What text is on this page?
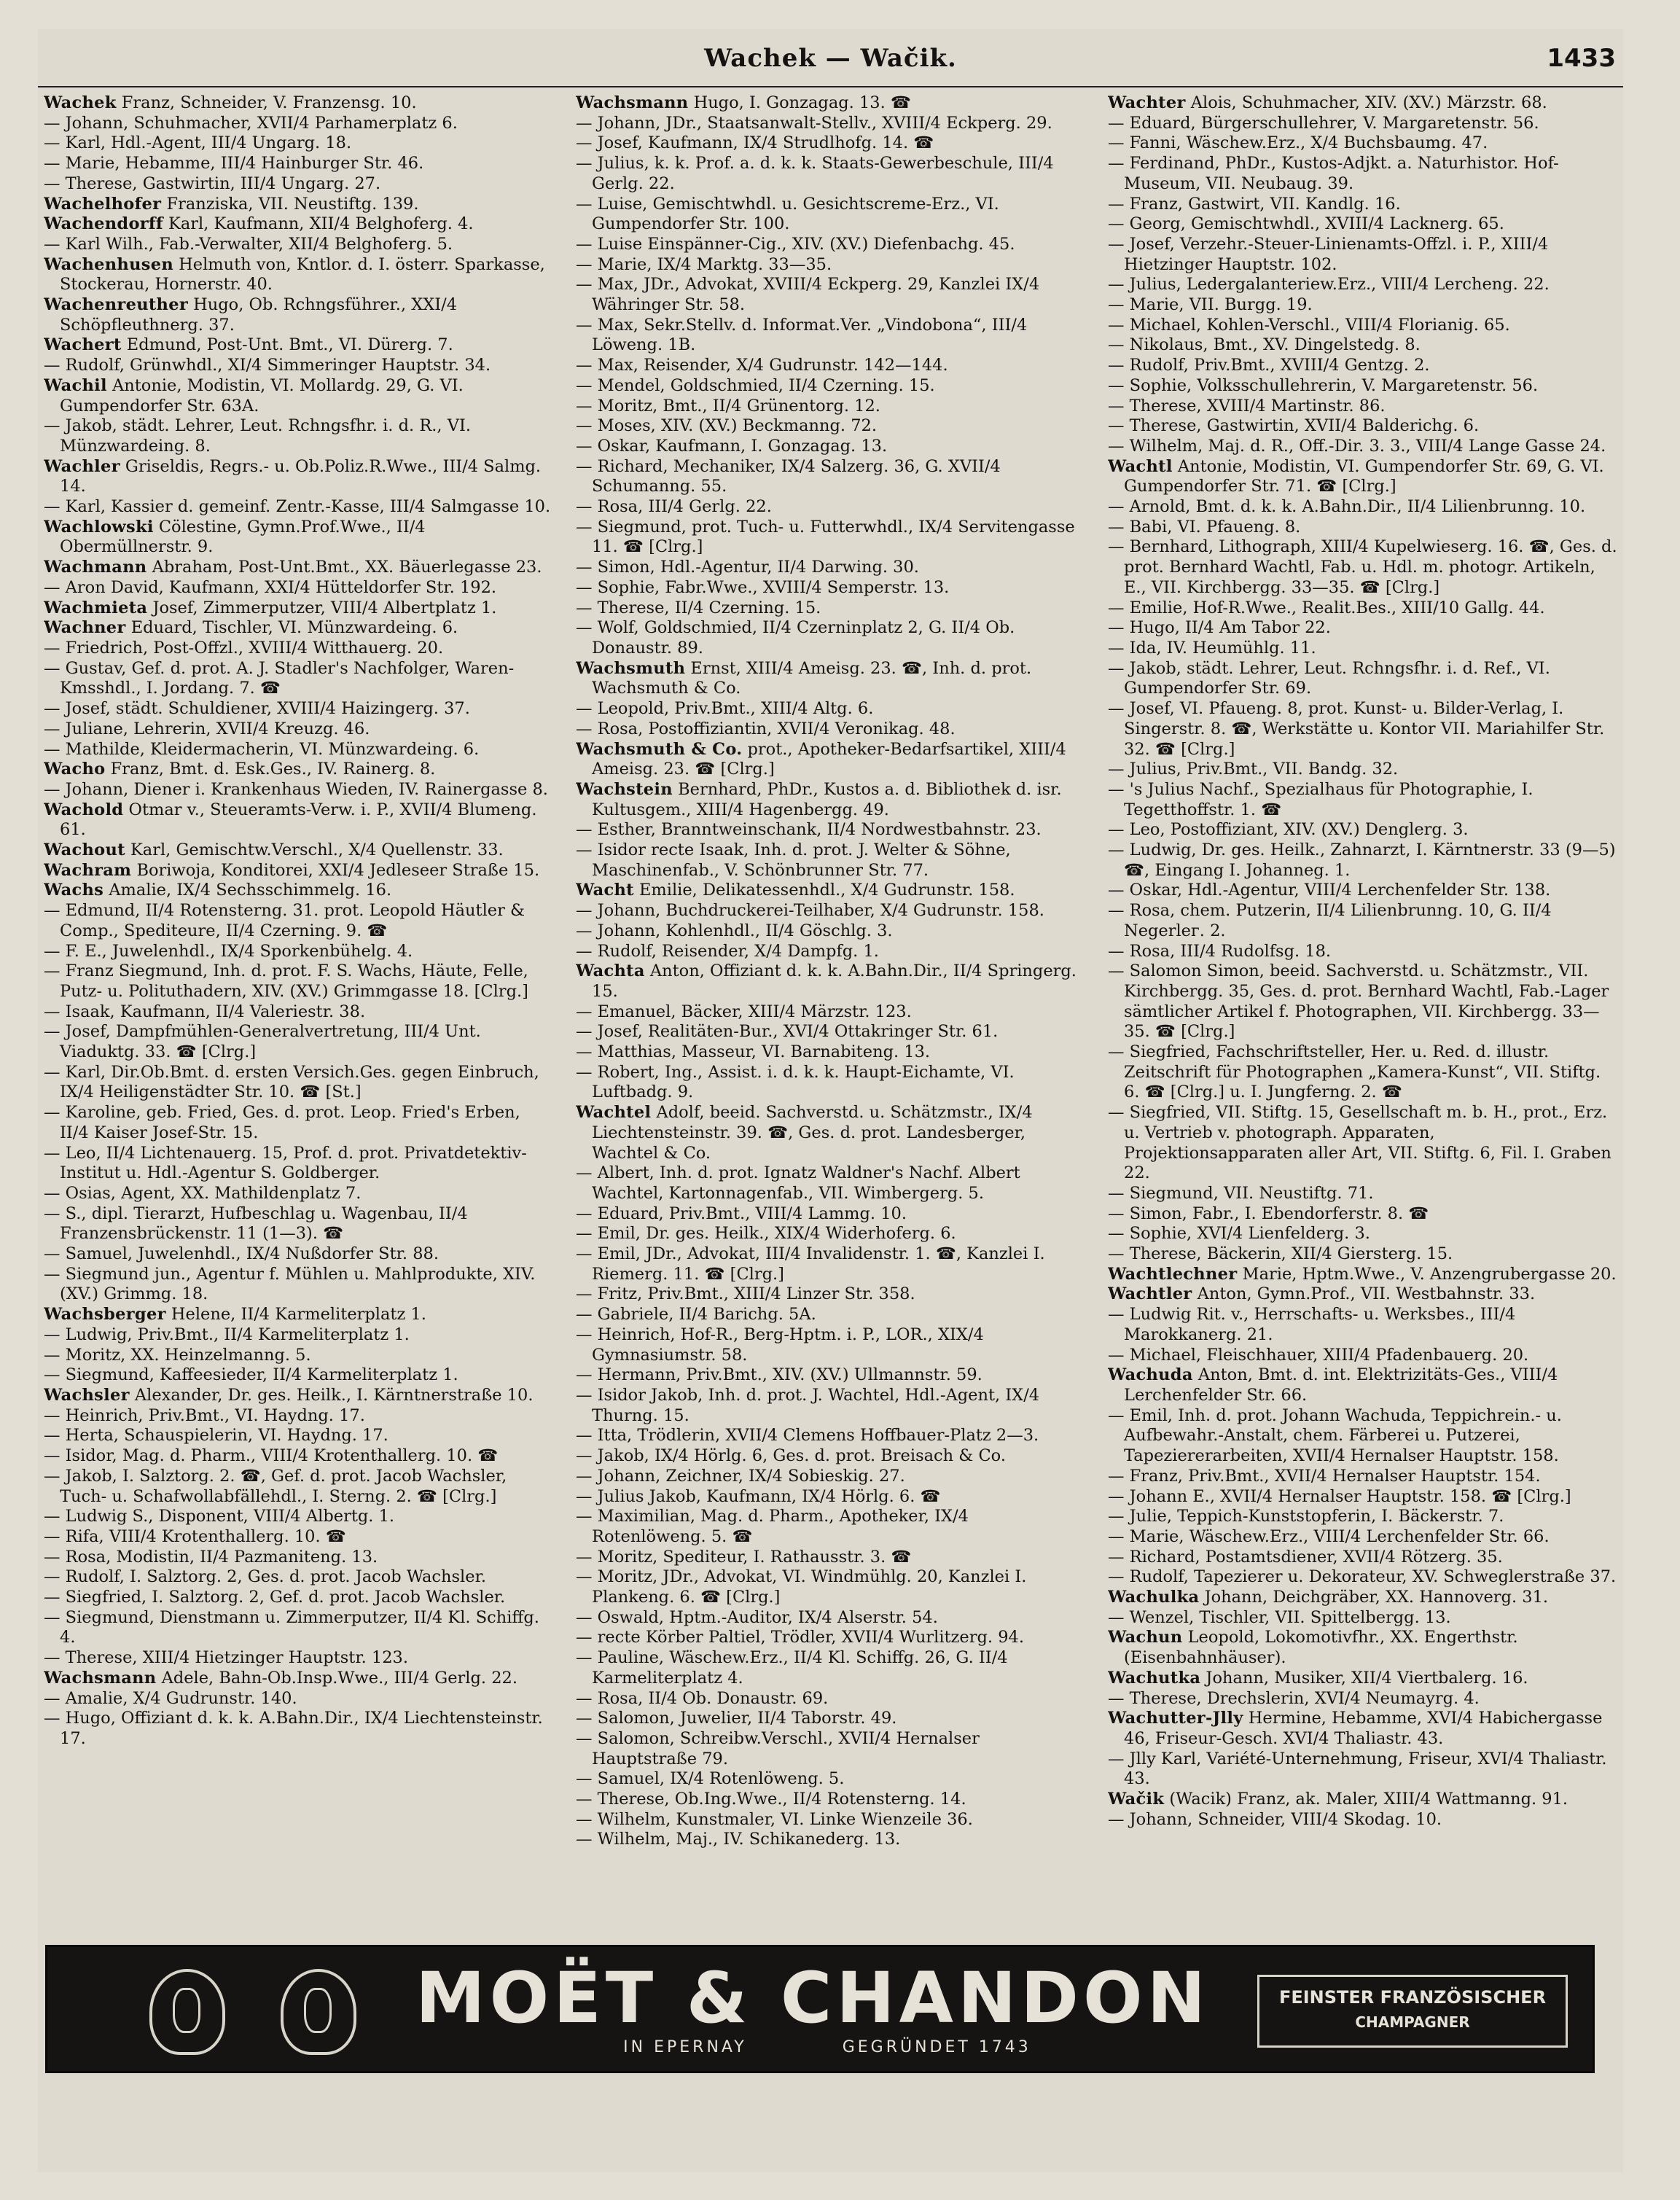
Wachek — Wačik.	1433

Wachek Franz, Schneider, V. Franzensg. 10.

— Johann, Schuhmacher, XVII/4 Parhamerplatz 6.

— Karl, Hdl.-Agent, III/4 Ungarg. 18.

— Marie, Hebamme, III/4 Hainburger Str. 46.

— Therese, Gastwirtin, III/4 Ungarg. 27.

Wachelhofer Franziska, VII. Neustiftg. 139.

Wachendorff Karl, Kaufmann, XII/4 Belghoferg. 4.

— Karl Wilh., Fab.-Verwalter, XII/4 Belghoferg. 5.

Wachenhusen Helmuth von, Kntlor. d. I. österr. Sparkasse, Stockerau, Hornerstr. 40.

Wachenreuther Hugo, Ob. Rchngsführer., XXI/4 Schöpfleuthnerg. 37.

Wachert Edmund, Post-Unt. Bmt., VI. Dürerg. 7.

— Rudolf, Grünwhdl., XI/4 Simmeringer Hauptstr. 34.

Wachil Antonie, Modistin, VI. Mollardg. 29, G. VI. Gumpendorfer Str. 63A.

— Jakob, städt. Lehrer, Leut. Rchngsfhr. i. d. R., VI. Münzwardeing. 8.

Wachler Griseldis, Regrs.- u. Ob.Poliz.R.Wwe., III/4 Salmg. 14.

— Karl, Kassier d. gemeinf. Zentr.-Kasse, III/4 Salmgasse 10.

Wachlowski Cölestine, Gymn.Prof.Wwe., II/4 Obermüllnerstr. 9.

Wachmann Abraham, Post-Unt.Bmt., XX. Bäuerlegasse 23.

— Aron David, Kaufmann, XXI/4 Hütteldorfer Str. 192.

Wachmieta Josef, Zimmerputzer, VIII/4 Albertplatz 1.

Wachner Eduard, Tischler, VI. Münzwardeing. 6.

— Friedrich, Post-Offzl., XVIII/4 Witthauerg. 20.

— Gustav, Gef. d. prot. A. J. Stadler's Nachfolger, Waren-Kmsshdl., I. Jordang. 7. ☎

— Josef, städt. Schuldiener, XVIII/4 Haizingerg. 37.

— Juliane, Lehrerin, XVII/4 Kreuzg. 46.

— Mathilde, Kleidermacherin, VI. Münzwardeing. 6.

Wacho Franz, Bmt. d. Esk.Ges., IV. Rainerg. 8.

— Johann, Diener i. Krankenhaus Wieden, IV. Rainergasse 8.

Wachold Otmar v., Steueramts-Verw. i. P., XVII/4 Blumeng. 61.

Wachout Karl, Gemischtw.Verschl., X/4 Quellenstr. 33.

Wachram Boriwoja, Konditorei, XXI/4 Jedleseer Straße 15.

Wachs Amalie, IX/4 Sechsschimmelg. 16.

— Edmund, II/4 Rotensterng. 31. prot. Leopold Häutler & Comp., Spediteure, II/4 Czerning. 9. ☎

— F. E., Juwelenhdl., IX/4 Sporkenbühelg. 4.

— Franz Siegmund, Inh. d. prot. F. S. Wachs, Häute, Felle, Putz- u. Polituthadern, XIV. (XV.) Grimmgasse 18. [Clrg.]

— Isaak, Kaufmann, II/4 Valeriestr. 38.

— Josef, Dampfmühlen-Generalvertretung, III/4 Unt. Viaduktg. 33. ☎ [Clrg.]

— Karl, Dir.Ob.Bmt. d. ersten Versich.Ges. gegen Einbruch, IX/4 Heiligenstädter Str. 10. ☎ [St.]

— Karoline, geb. Fried, Ges. d. prot. Leop. Fried's Erben, II/4 Kaiser Josef-Str. 15.

— Leo, II/4 Lichtenauerg. 15, Prof. d. prot. Privatdetektiv-Institut u. Hdl.-Agentur S. Goldberger.

— Osias, Agent, XX. Mathildenplatz 7.

— S., dipl. Tierarzt, Hufbeschlag u. Wagenbau, II/4 Franzensbrückenstr. 11 (1—3). ☎

— Samuel, Juwelenhdl., IX/4 Nußdorfer Str. 88.

— Siegmund jun., Agentur f. Mühlen u. Mahlprodukte, XIV. (XV.) Grimmg. 18.

Wachsberger Helene, II/4 Karmeliterplatz 1.

— Ludwig, Priv.Bmt., II/4 Karmeliterplatz 1.

— Moritz, XX. Heinzelmanng. 5.

— Siegmund, Kaffeesieder, II/4 Karmeliterplatz 1.

Wachsler Alexander, Dr. ges. Heilk., I. Kärntnerstraße 10.

— Heinrich, Priv.Bmt., VI. Haydng. 17.

— Herta, Schauspielerin, VI. Haydng. 17.

— Isidor, Mag. d. Pharm., VIII/4 Krotenthallerg. 10. ☎

— Jakob, I. Salztorg. 2. ☎, Gef. d. prot. Jacob Wachsler, Tuch- u. Schafwollabfällehdl., I. Sterng. 2. ☎ [Clrg.]

— Ludwig S., Disponent, VIII/4 Albertg. 1.

— Rifa, VIII/4 Krotenthallerg. 10. ☎

— Rosa, Modistin, II/4 Pazmaniteng. 13.

— Rudolf, I. Salztorg. 2, Ges. d. prot. Jacob Wachsler.

— Siegfried, I. Salztorg. 2, Gef. d. prot. Jacob Wachsler.

— Siegmund, Dienstmann u. Zimmerputzer, II/4 Kl. Schiffg. 4.

— Therese, XIII/4 Hietzinger Hauptstr. 123.

Wachsmann Adele, Bahn-Ob.Insp.Wwe., III/4 Gerlg. 22.

— Amalie, X/4 Gudrunstr. 140.

— Hugo, Offiziant d. k. k. A.Bahn.Dir., IX/4 Liechtensteinstr. 17.

Wachsmann Hugo, I. Gonzagag. 13. ☎

— Johann, JDr., Staatsanwalt-Stellv., XVIII/4 Eckperg. 29.

— Josef, Kaufmann, IX/4 Strudlhofg. 14. ☎

— Julius, k. k. Prof. a. d. k. k. Staats-Gewerbeschule, III/4 Gerlg. 22.

— Luise, Gemischtwhdl. u. Gesichtscreme-Erz., VI. Gumpendorfer Str. 100.

— Luise Einspänner-Cig., XIV. (XV.) Diefenbachg. 45.

— Marie, IX/4 Marktg. 33—35.

— Max, JDr., Advokat, XVIII/4 Eckperg. 29, Kanzlei IX/4 Währinger Str. 58.

— Max, Sekr.Stellv. d. Informat.Ver. „Vindobona“, III/4 Löweng. 1B.

— Max, Reisender, X/4 Gudrunstr. 142—144.

— Mendel, Goldschmied, II/4 Czerning. 15.

— Moritz, Bmt., II/4 Grünentorg. 12.

— Moses, XIV. (XV.) Beckmanng. 72.

— Oskar, Kaufmann, I. Gonzagag. 13.

— Richard, Mechaniker, IX/4 Salzerg. 36, G. XVII/4 Schumanng. 55.

— Rosa, III/4 Gerlg. 22.

— Siegmund, prot. Tuch- u. Futterwhdl., IX/4 Servitengasse 11. ☎ [Clrg.]

— Simon, Hdl.-Agentur, II/4 Darwing. 30.

— Sophie, Fabr.Wwe., XVIII/4 Semperstr. 13.

— Therese, II/4 Czerning. 15.

— Wolf, Goldschmied, II/4 Czerninplatz 2, G. II/4 Ob. Donaustr. 89.

Wachsmuth Ernst, XIII/4 Ameisg. 23. ☎, Inh. d. prot. Wachsmuth & Co.

— Leopold, Priv.Bmt., XIII/4 Altg. 6.

— Rosa, Postoffiziantin, XVII/4 Veronikag. 48.

Wachsmuth & Co. prot., Apotheker-Bedarfsartikel, XIII/4 Ameisg. 23. ☎ [Clrg.]

Wachstein Bernhard, PhDr., Kustos a. d. Bibliothek d. isr. Kultusgem., XIII/4 Hagenbergg. 49.

— Esther, Branntweinschank, II/4 Nordwestbahnstr. 23.

— Isidor recte Isaak, Inh. d. prot. J. Welter & Söhne, Maschinenfab., V. Schönbrunner Str. 77.

Wacht Emilie, Delikatessenhdl., X/4 Gudrunstr. 158.

— Johann, Buchdruckerei-Teilhaber, X/4 Gudrunstr. 158.

— Johann, Kohlenhdl., II/4 Göschlg. 3.

— Rudolf, Reisender, X/4 Dampfg. 1.

Wachta Anton, Offiziant d. k. k. A.Bahn.Dir., II/4 Springerg. 15.

— Emanuel, Bäcker, XIII/4 Märzstr. 123.

— Josef, Realitäten-Bur., XVI/4 Ottakringer Str. 61.

— Matthias, Masseur, VI. Barnabiteng. 13.

— Robert, Ing., Assist. i. d. k. k. Haupt-Eichamte, VI. Luftbadg. 9.

Wachtel Adolf, beeid. Sachverstd. u. Schätzmstr., IX/4 Liechtensteinstr. 39. ☎, Ges. d. prot. Landesberger, Wachtel & Co.

— Albert, Inh. d. prot. Ignatz Waldner's Nachf. Albert Wachtel, Kartonnagenfab., VII. Wimbergerg. 5.

— Eduard, Priv.Bmt., VIII/4 Lammg. 10.

— Emil, Dr. ges. Heilk., XIX/4 Widerhoferg. 6.

— Emil, JDr., Advokat, III/4 Invalidenstr. 1. ☎, Kanzlei I. Riemerg. 11. ☎ [Clrg.]

— Fritz, Priv.Bmt., XIII/4 Linzer Str. 358.

— Gabriele, II/4 Barichg. 5A.

— Heinrich, Hof-R., Berg-Hptm. i. P., LOR., XIX/4 Gymnasiumstr. 58.

— Hermann, Priv.Bmt., XIV. (XV.) Ullmannstr. 59.

— Isidor Jakob, Inh. d. prot. J. Wachtel, Hdl.-Agent, IX/4 Thurng. 15.

— Itta, Trödlerin, XVII/4 Clemens Hoffbauer-Platz 2—3.

— Jakob, IX/4 Hörlg. 6, Ges. d. prot. Breisach & Co.

— Johann, Zeichner, IX/4 Sobieskig. 27.

— Julius Jakob, Kaufmann, IX/4 Hörlg. 6. ☎

— Maximilian, Mag. d. Pharm., Apotheker, IX/4 Rotenlöweng. 5. ☎

— Moritz, Spediteur, I. Rathausstr. 3. ☎

— Moritz, JDr., Advokat, VI. Windmühlg. 20, Kanzlei I. Plankeng. 6. ☎ [Clrg.]

— Oswald, Hptm.-Auditor, IX/4 Alserstr. 54.

— recte Körber Paltiel, Trödler, XVII/4 Wurlitzerg. 94.

— Pauline, Wäschew.Erz., II/4 Kl. Schiffg. 26, G. II/4 Karmeliterplatz 4.

— Rosa, II/4 Ob. Donaustr. 69.

— Salomon, Juwelier, II/4 Taborstr. 49.

— Salomon, Schreibw.Verschl., XVII/4 Hernalser Hauptstraße 79.

— Samuel, IX/4 Rotenlöweng. 5.

— Therese, Ob.Ing.Wwe., II/4 Rotensterng. 14.

— Wilhelm, Kunstmaler, VI. Linke Wienzeile 36.

— Wilhelm, Maj., IV. Schikanederg. 13.

Wachter Alois, Schuhmacher, XIV. (XV.) Märzstr. 68.

— Eduard, Bürgerschullehrer, V. Margaretenstr. 56.

— Fanni, Wäschew.Erz., X/4 Buchsbaumg. 47.

— Ferdinand, PhDr., Kustos-Adjkt. a. Naturhistor. Hof-Museum, VII. Neubaug. 39.

— Franz, Gastwirt, VII. Kandlg. 16.

— Georg, Gemischtwhdl., XVIII/4 Lacknerg. 65.

— Josef, Verzehr.-Steuer-Linienamts-Offzl. i. P., XIII/4 Hietzinger Hauptstr. 102.

— Julius, Ledergalanteriew.Erz., VIII/4 Lercheng. 22.

— Marie, VII. Burgg. 19.

— Michael, Kohlen-Verschl., VIII/4 Florianig. 65.

— Nikolaus, Bmt., XV. Dingelstedg. 8.

— Rudolf, Priv.Bmt., XVIII/4 Gentzg. 2.

— Sophie, Volksschullehrerin, V. Margaretenstr. 56.

— Therese, XVIII/4 Martinstr. 86.

— Therese, Gastwirtin, XVII/4 Balderichg. 6.

— Wilhelm, Maj. d. R., Off.-Dir. 3. 3., VIII/4 Lange Gasse 24.

Wachtl Antonie, Modistin, VI. Gumpendorfer Str. 69, G. VI. Gumpendorfer Str. 71. ☎ [Clrg.]

— Arnold, Bmt. d. k. k. A.Bahn.Dir., II/4 Lilienbrunng. 10.

— Babi, VI. Pfaueng. 8.

— Bernhard, Lithograph, XIII/4 Kupelwieserg. 16. ☎, Ges. d. prot. Bernhard Wachtl, Fab. u. Hdl. m. photogr. Artikeln, E., VII. Kirchbergg. 33—35. ☎ [Clrg.]

— Emilie, Hof-R.Wwe., Realit.Bes., XIII/10 Gallg. 44.

— Hugo, II/4 Am Tabor 22.

— Ida, IV. Heumühlg. 11.

— Jakob, städt. Lehrer, Leut. Rchngsfhr. i. d. Ref., VI. Gumpendorfer Str. 69.

— Josef, VI. Pfaueng. 8, prot. Kunst- u. Bilder-Verlag, I. Singerstr. 8. ☎, Werkstätte u. Kontor VII. Mariahilfer Str. 32. ☎ [Clrg.]

— Julius, Priv.Bmt., VII. Bandg. 32.

— 's Julius Nachf., Spezialhaus für Photographie, I. Tegetthoffstr. 1. ☎

— Leo, Postoffiziant, XIV. (XV.) Denglerg. 3.

— Ludwig, Dr. ges. Heilk., Zahnarzt, I. Kärntnerstr. 33 (9—5) ☎, Eingang I. Johanneg. 1.

— Oskar, Hdl.-Agentur, VIII/4 Lerchenfelder Str. 138.

— Rosa, chem. Putzerin, II/4 Lilienbrunng. 10, G. II/4 Negerlег. 2.

— Rosa, III/4 Rudolfsg. 18.

— Salomon Simon, beeid. Sachverstd. u. Schätzmstr., VII. Kirchbergg. 35, Ges. d. prot. Bernhard Wachtl, Fab.-Lager sämtlicher Artikel f. Photographen, VII. Kirchbergg. 33—35. ☎ [Clrg.]

— Siegfried, Fachschriftsteller, Her. u. Red. d. illustr. Zeitschrift für Photographen „Kamera-Kunst“, VII. Stiftg. 6. ☎ [Clrg.] u. I. Jungferng. 2. ☎

— Siegfried, VII. Stiftg. 15, Gesellschaft m. b. H., prot., Erz. u. Vertrieb v. photograph. Apparaten, Projektionsapparaten aller Art, VII. Stiftg. 6, Fil. I. Graben 22.

— Siegmund, VII. Neustiftg. 71.

— Simon, Fabr., I. Ebendorferstr. 8. ☎

— Sophie, XVI/4 Lienfelderg. 3.

— Therese, Bäckerin, XII/4 Giersterg. 15.

Wachtlechner Marie, Hptm.Wwe., V. Anzengrubergasse 20.

Wachtler Anton, Gymn.Prof., VII. Westbahnstr. 33.

— Ludwig Rit. v., Herrschafts- u. Werksbes., III/4 Marokkanerg. 21.

— Michael, Fleischhauer, XIII/4 Pfadenbauerg. 20.

Wachuda Anton, Bmt. d. int. Elektrizitäts-Ges., VIII/4 Lerchenfelder Str. 66.

— Emil, Inh. d. prot. Johann Wachuda, Teppichrein.- u. Aufbewahr.-Anstalt, chem. Färberei u. Putzerei, Tapeziererarbeiten, XVII/4 Hernalser Hauptstr. 158.

— Franz, Priv.Bmt., XVII/4 Hernalser Hauptstr. 154.

— Johann E., XVII/4 Hernalser Hauptstr. 158. ☎ [Clrg.]

— Julie, Teppich-Kunststopferin, I. Bäckerstr. 7.

— Marie, Wäschew.Erz., VIII/4 Lerchenfelder Str. 66.

— Richard, Postamtsdiener, XVII/4 Rötzerg. 35.

— Rudolf, Tapezierer u. Dekorateur, XV. Schweglerstraße 37.

Wachulka Johann, Deichgräber, XX. Hannoverg. 31.

— Wenzel, Tischler, VII. Spittelbergg. 13.

Wachun Leopold, Lokomotivfhr., XX. Engerthstr. (Eisenbahnhäuser).

Wachutka Johann, Musiker, XII/4 Viertbalerg. 16.

— Therese, Drechslerin, XVI/4 Neumayrg. 4.

Wachutter-Jlly Hermine, Hebamme, XVI/4 Habichergasse 46, Friseur-Gesch. XVI/4 Thaliastr. 43.

— Jlly Karl, Variété-Unternehmung, Friseur, XVI/4 Thaliastr. 43.

Wačik (Wacik) Franz, ak. Maler, XIII/4 Wattmanng. 91.

— Johann, Schneider, VIII/4 Skodag. 10.

MOËT & CHANDON
IN EPERNAY	GEGRÜNDET 1743
FEINSTER FRANZÖSISCHER
CHAMPAGNER
